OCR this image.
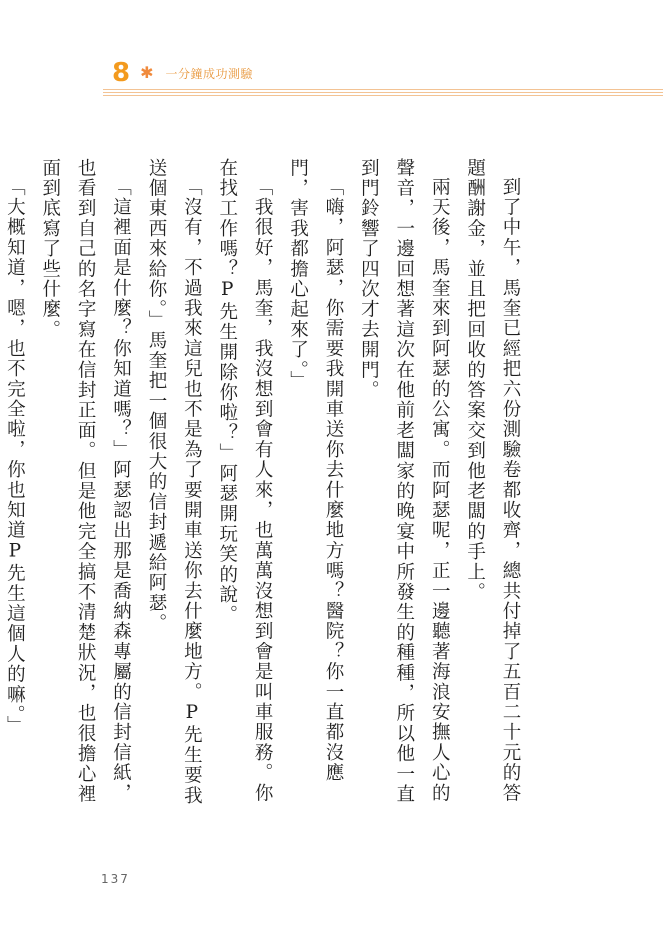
8 ✱ 一分鐘成功測驗

到了中午，馬奎已經把六份測驗卷都收齊，總共付掉了五百二十元的答題酬謝金，並且把回收的答案交到他老闆的手上。

兩天後，馬奎來到阿瑟的公寓。而阿瑟呢，正一邊聽著海浪安撫人心的聲音，一邊回想著這次在他前老闆家的晚宴中所發生的種種，所以他一直到門鈴響了四次才去開門。

「嗨，阿瑟，你需要我開車送你去什麼地方嗎？醫院？你一直都沒應門，害我都擔心起來了。」

「我很好，馬奎，我沒想到會有人來，也萬萬沒想到會是叫車服務。你在找工作嗎？P先生開除你啦？」阿瑟開玩笑的說。

「沒有，不過我來這兒也不是為了要開車送你去什麼地方。P先生要我送個東西來給你。」馬奎把一個很大的信封遞給阿瑟。

「這裡面是什麼？你知道嗎？」阿瑟認出那是喬納森專屬的信封信紙，也看到自己的名字寫在信封正面。但是他完全搞不清楚狀況，也很擔心裡面到底寫了些什麼。

「大概知道，嗯，也不完全啦，你也知道P先生這個人的嘛。」

137
